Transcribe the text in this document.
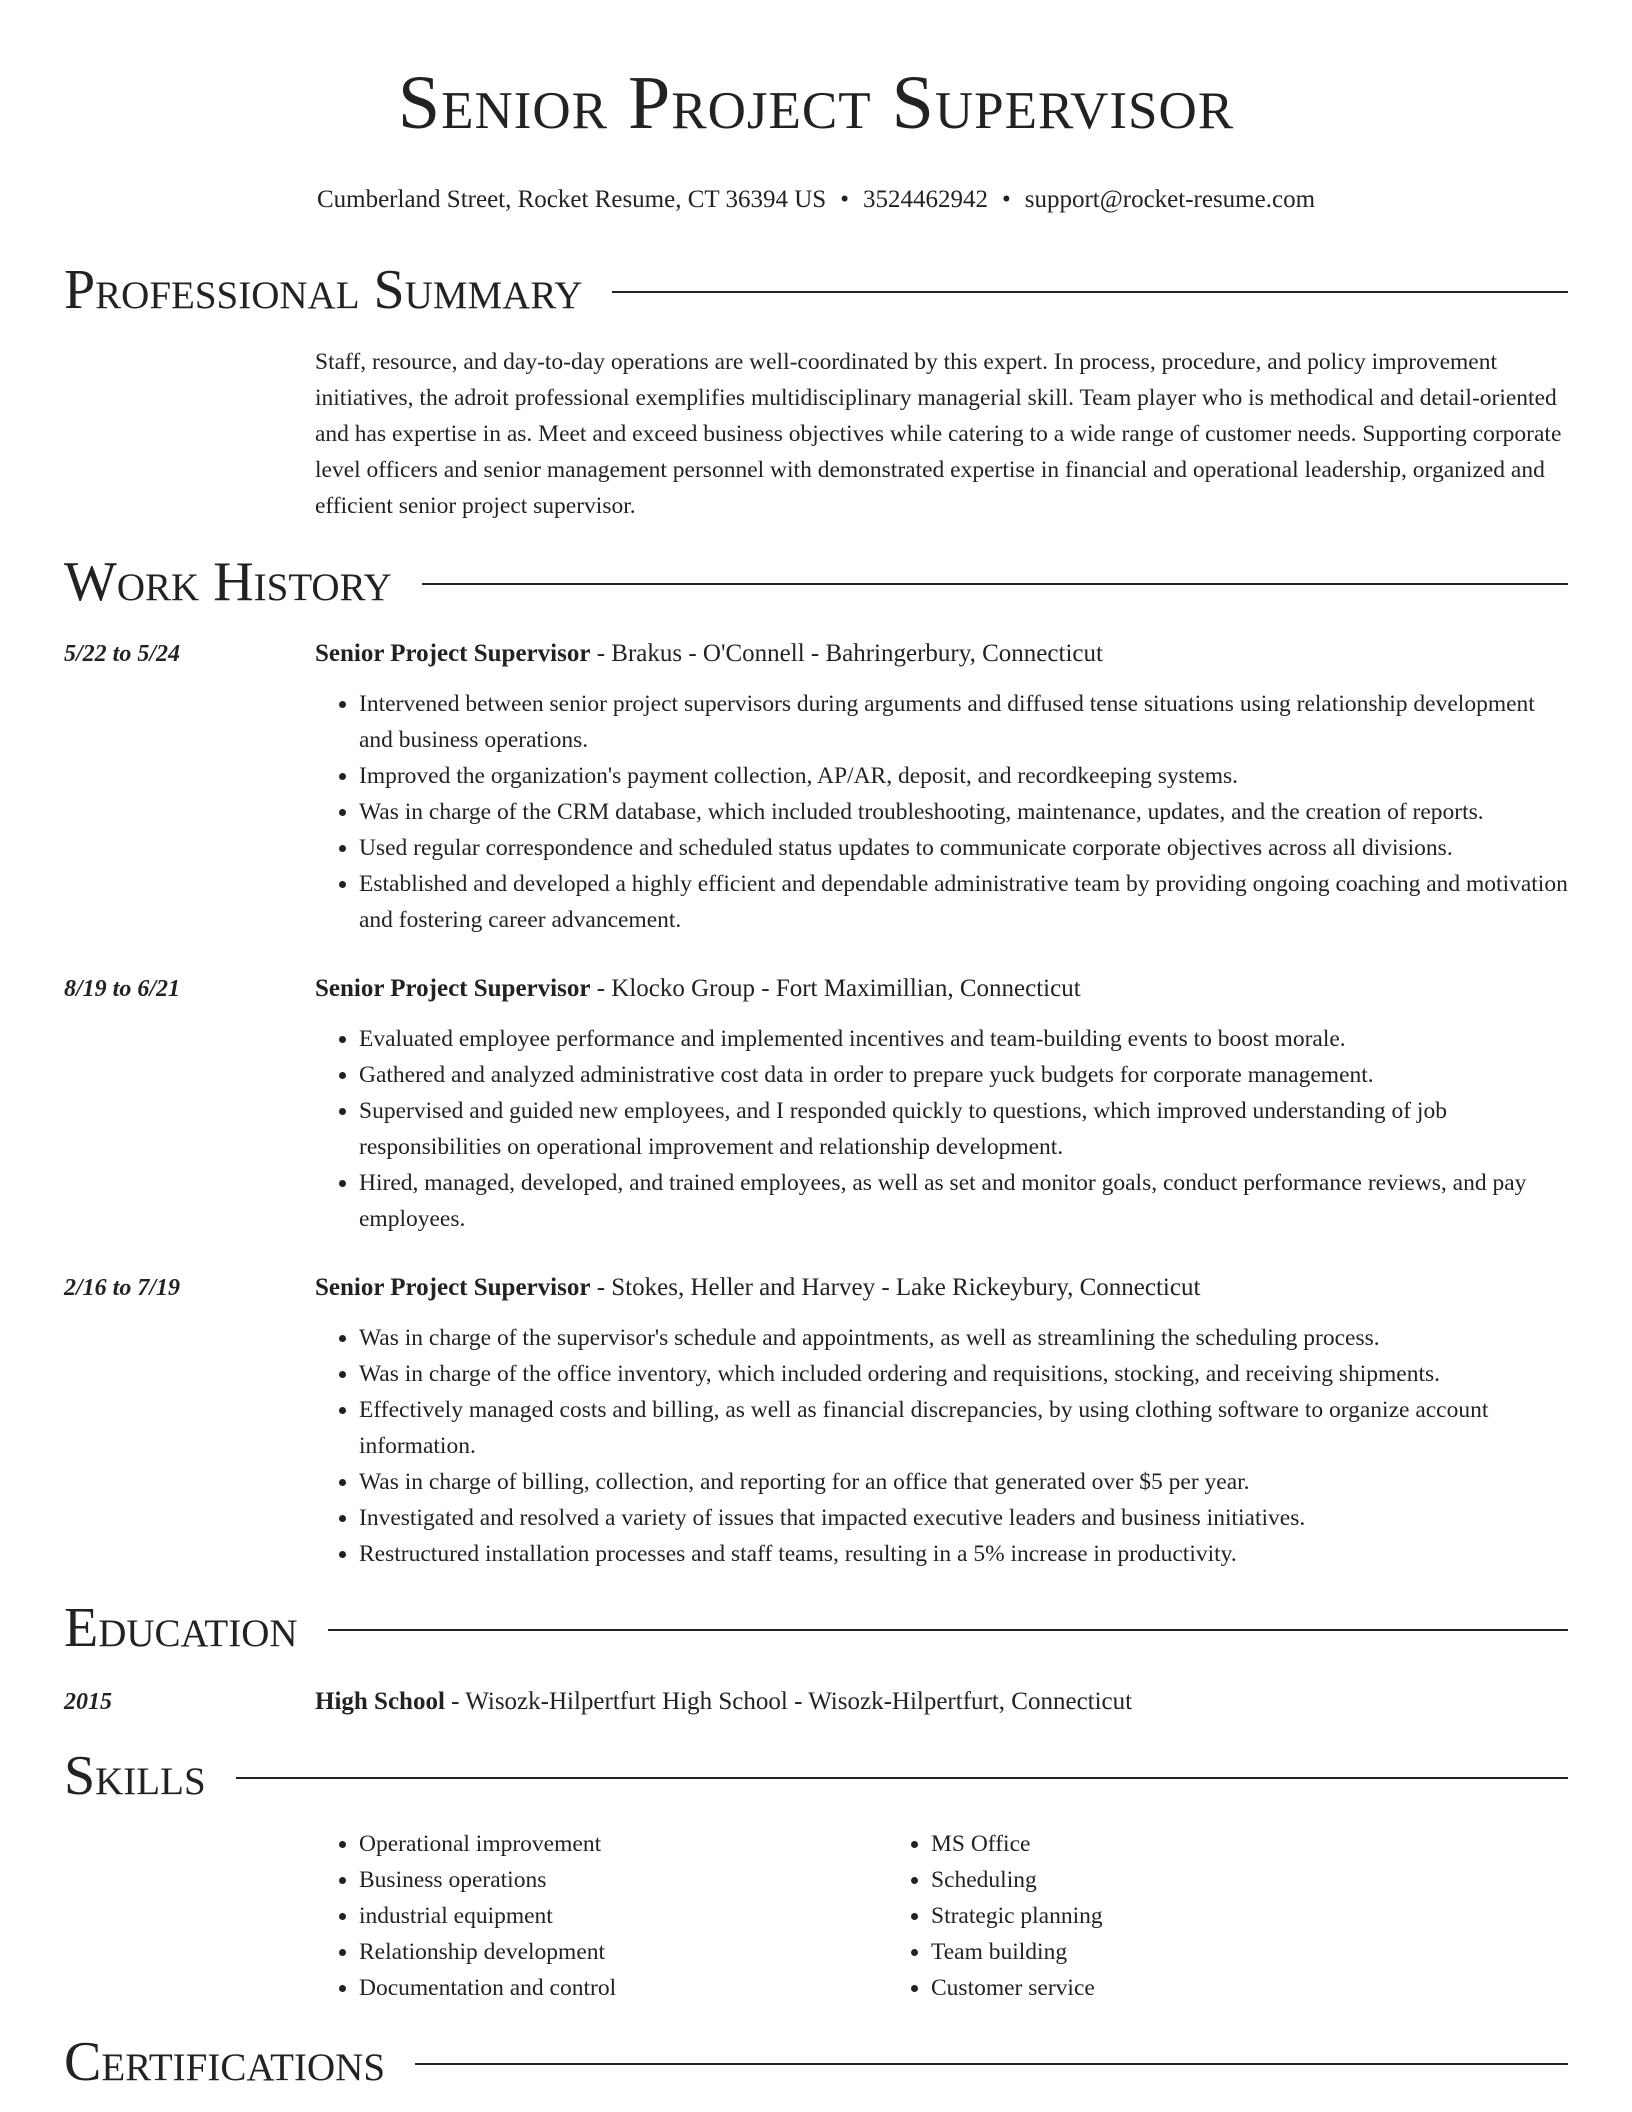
Senior Project Supervisor
Cumberland Street, Rocket Resume, CT 36394 US • 3524462942 • support@rocket-resume.com
Professional Summary
Staff, resource, and day-to-day operations are well-coordinated by this expert. In process, procedure, and policy improvement initiatives, the adroit professional exemplifies multidisciplinary managerial skill. Team player who is methodical and detail-oriented and has expertise in as. Meet and exceed business objectives while catering to a wide range of customer needs. Supporting corporate level officers and senior management personnel with demonstrated expertise in financial and operational leadership, organized and efficient senior project supervisor.
Work History
5/22 to 5/24	Senior Project Supervisor - Brakus - O'Connell - Bahringerbury, Connecticut
• Intervened between senior project supervisors during arguments and diffused tense situations using relationship development and business operations.
• Improved the organization's payment collection, AP/AR, deposit, and recordkeeping systems.
• Was in charge of the CRM database, which included troubleshooting, maintenance, updates, and the creation of reports.
• Used regular correspondence and scheduled status updates to communicate corporate objectives across all divisions.
• Established and developed a highly efficient and dependable administrative team by providing ongoing coaching and motivation and fostering career advancement.
8/19 to 6/21	Senior Project Supervisor - Klocko Group - Fort Maximillian, Connecticut
• Evaluated employee performance and implemented incentives and team-building events to boost morale.
• Gathered and analyzed administrative cost data in order to prepare yuck budgets for corporate management.
• Supervised and guided new employees, and I responded quickly to questions, which improved understanding of job responsibilities on operational improvement and relationship development.
• Hired, managed, developed, and trained employees, as well as set and monitor goals, conduct performance reviews, and pay employees.
2/16 to 7/19	Senior Project Supervisor - Stokes, Heller and Harvey - Lake Rickeybury, Connecticut
• Was in charge of the supervisor's schedule and appointments, as well as streamlining the scheduling process.
• Was in charge of the office inventory, which included ordering and requisitions, stocking, and receiving shipments.
• Effectively managed costs and billing, as well as financial discrepancies, by using clothing software to organize account information.
• Was in charge of billing, collection, and reporting for an office that generated over $5 per year.
• Investigated and resolved a variety of issues that impacted executive leaders and business initiatives.
• Restructured installation processes and staff teams, resulting in a 5% increase in productivity.
Education
2015	High School - Wisozk-Hilpertfurt High School - Wisozk-Hilpertfurt, Connecticut
Skills
• Operational improvement
• Business operations
• industrial equipment
• Relationship development
• Documentation and control
• MS Office
• Scheduling
• Strategic planning
• Team building
• Customer service
Certifications
